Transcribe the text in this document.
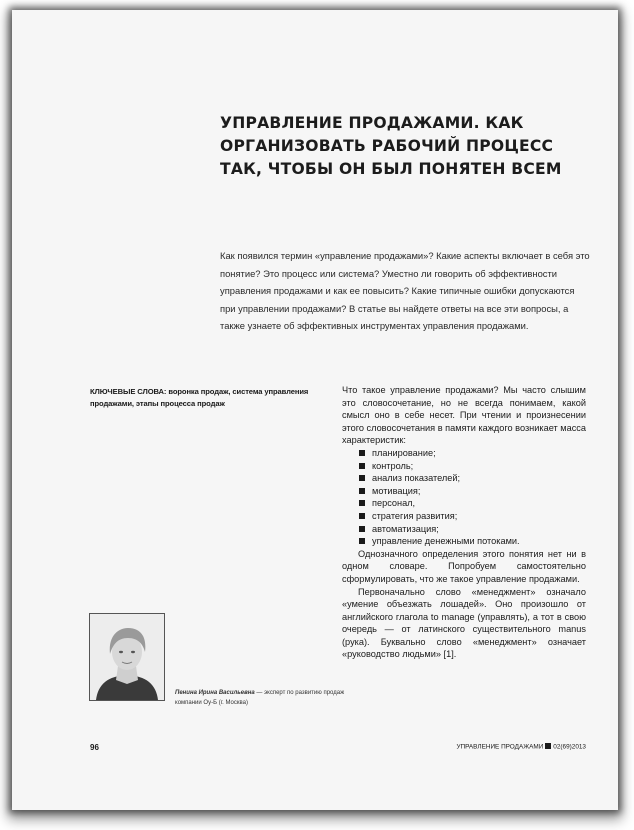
УПРАВЛЕНИЕ ПРОДАЖАМИ. КАК ОРГАНИЗОВАТЬ РАБОЧИЙ ПРОЦЕСС ТАК, ЧТОБЫ ОН БЫЛ ПОНЯТЕН ВСЕМ

Как появился термин «управление продажами»? Какие аспекты включает в себя это понятие? Это процесс или система? Уместно ли говорить об эффективности управления продажами и как ее повысить? Какие типичные ошибки допускаются при управлении продажами? В статье вы найдете ответы на все эти вопросы, а также узнаете об эффективных инструментах управления продажами.

КЛЮЧЕВЫЕ СЛОВА: воронка продаж, система управления продажами, этапы процесса продаж

Пенина Ирина Васильевна — эксперт по развитию продаж компании Оу-Б (г. Москва)

Что такое управление продажами? Мы часто слышим это словосочетание, но не всегда понимаем, какой смысл оно в себе несет. При чтении и произнесении этого словосочетания в памяти каждого возникает масса характеристик:

планирование;
контроль;
анализ показателей;
мотивация;
персонал,
стратегия развития;
автоматизация;
управление денежными потоками.

Однозначного определения этого понятия нет ни в одном словаре. Попробуем самостоятельно сформулировать, что же такое управление продажами.

Первоначально слово «менеджмент» означало «умение объезжать лошадей». Оно произошло от английского глагола to manage (управлять), а тот в свою очередь — от латинского существительного manus (рука). Буквально слово «менеджмент» означает «руководство людьми» [1].

96	УПРАВЛЕНИЕ ПРОДАЖАМИ 02(69)2013
